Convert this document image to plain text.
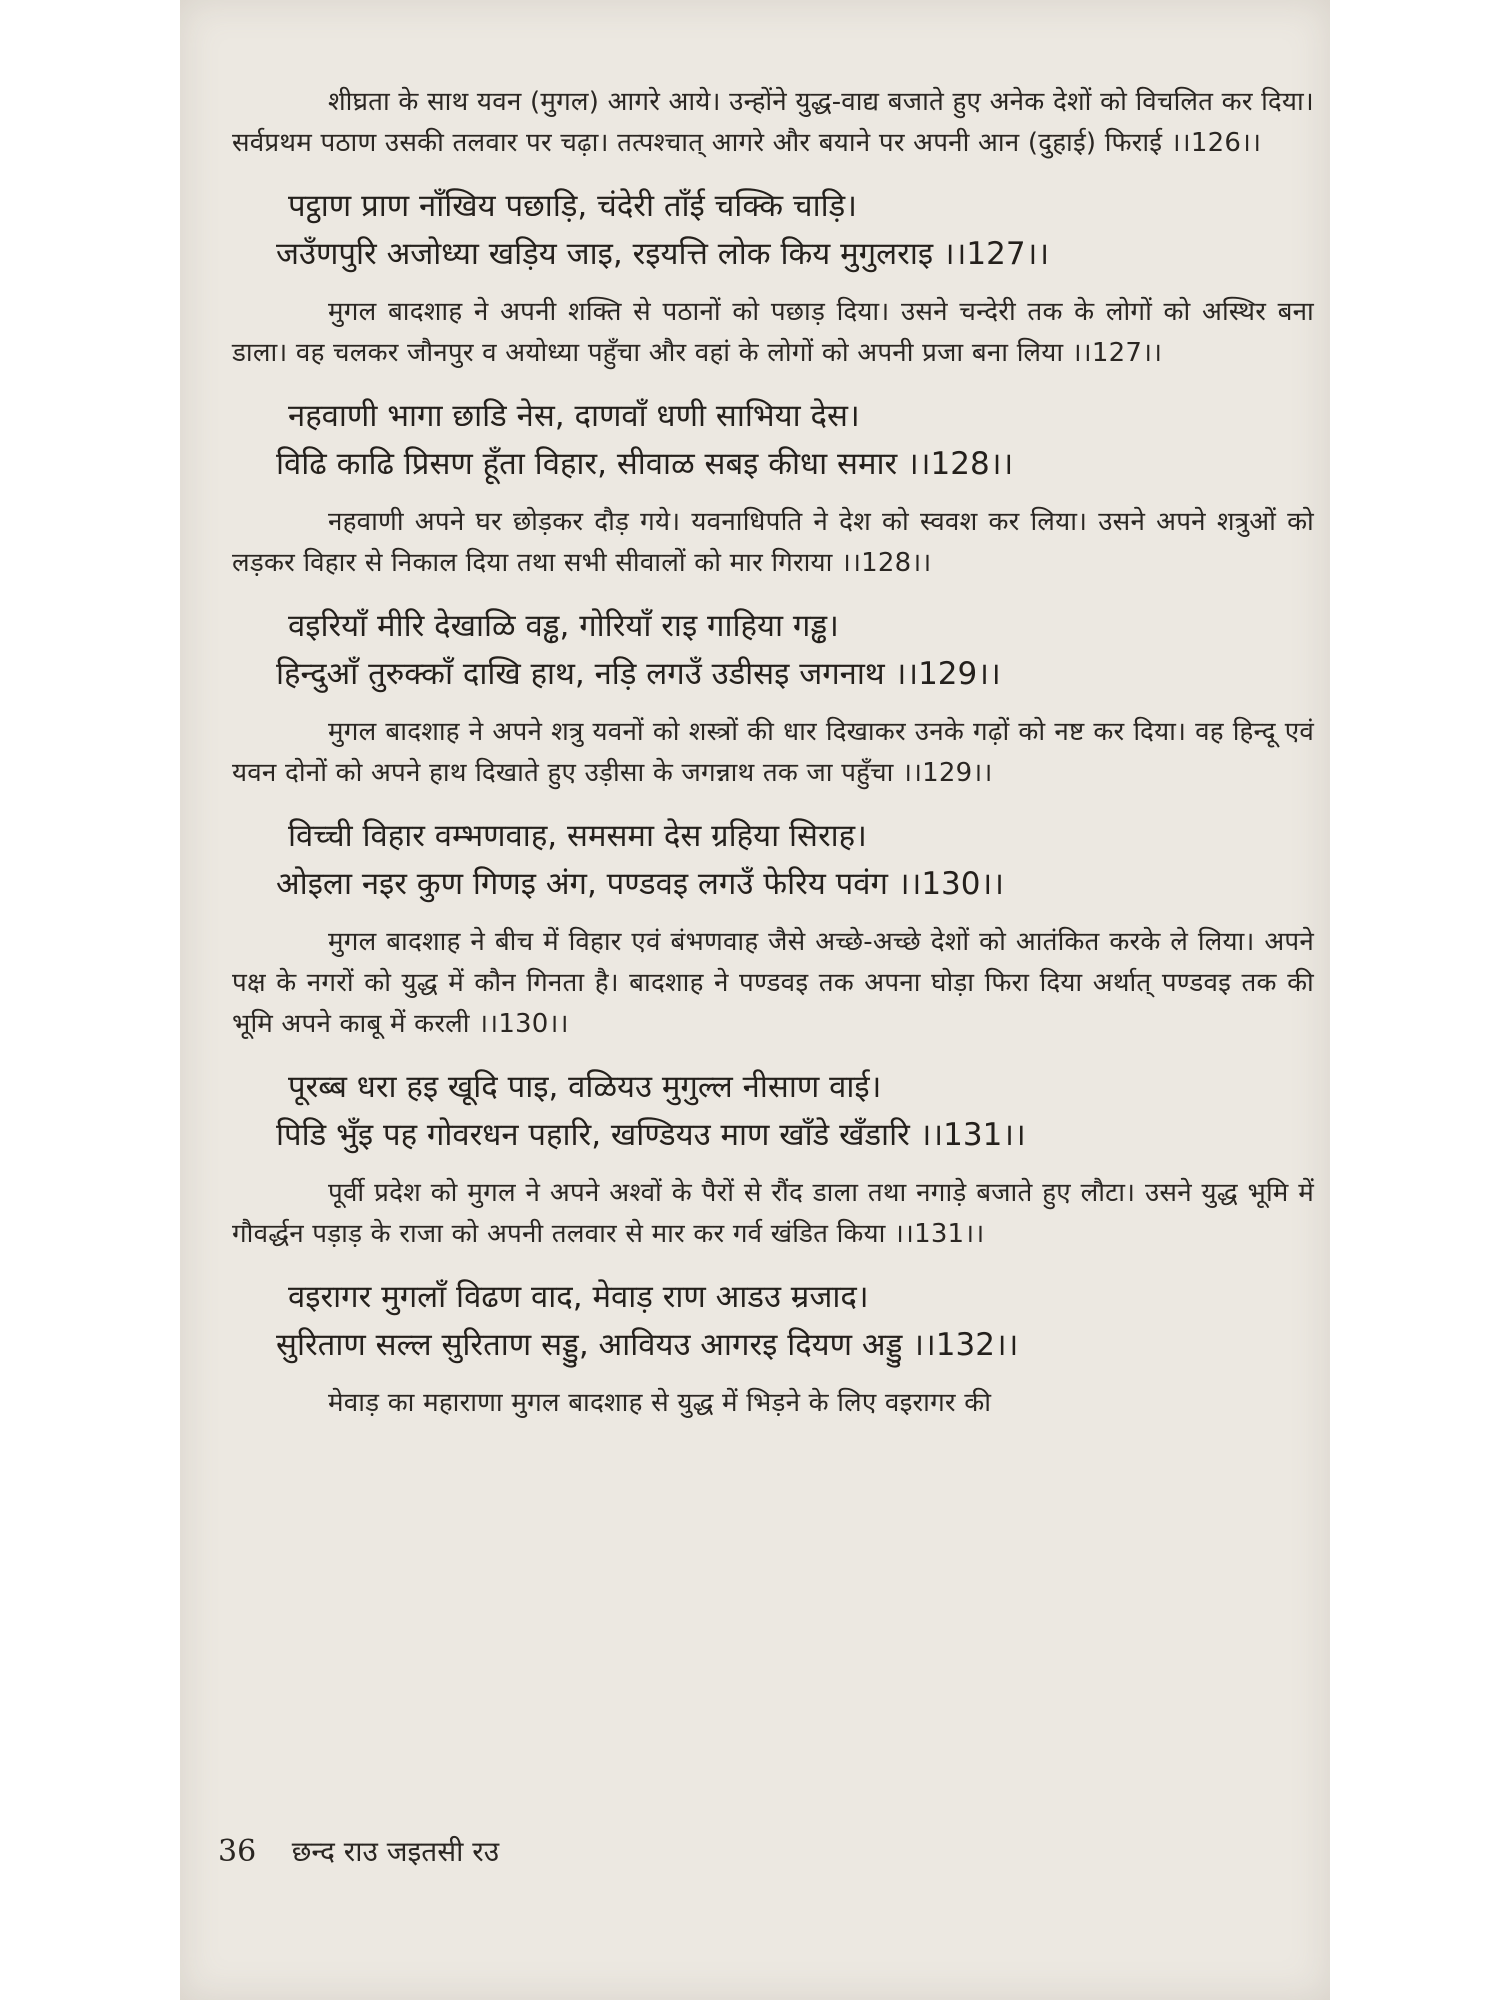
शीघ्रता के साथ यवन (मुगल) आगरे आये। उन्होंने युद्ध-वाद्य बजाते हुए अनेक देशों को विचलित कर दिया। सर्वप्रथम पठाण उसकी तलवार पर चढ़ा। तत्पश्चात् आगरे और बयाने पर अपनी आन (दुहाई) फिराई ।।126।।

पट्ठाण प्राण नाँखिय पछाड़ि, चंदेरी ताँई चक्कि चाड़ि।
जउँणपुरि अजोध्या खड़िय जाइ, रइयत्ति लोक किय मुगुलराइ ।।127।।

मुगल बादशाह ने अपनी शक्ति से पठानों को पछाड़ दिया। उसने चन्देरी तक के लोगों को अस्थिर बना डाला। वह चलकर जौनपुर व अयोध्या पहुँचा और वहां के लोगों को अपनी प्रजा बना लिया ।।127।।

नहवाणी भागा छाडि नेस, दाणवाँ धणी साभिया देस।
विढि काढि प्रिसण हूँता विहार, सीवाळ सबइ कीधा समार ।।128।।

नहवाणी अपने घर छोड़कर दौड़ गये। यवनाधिपति ने देश को स्ववश कर लिया। उसने अपने शत्रुओं को लड़कर विहार से निकाल दिया तथा सभी सीवालों को मार गिराया ।।128।।

वइरियाँ मीरि देखाळि वड्ढ, गोरियाँ राइ गाहिया गड्ढ।
हिन्दुआँ तुरुक्काँ दाखि हाथ, नड़ि लगउँ उडीसइ जगनाथ ।।129।।

मुगल बादशाह ने अपने शत्रु यवनों को शस्त्रों की धार दिखाकर उनके गढ़ों को नष्ट कर दिया। वह हिन्दू एवं यवन दोनों को अपने हाथ दिखाते हुए उड़ीसा के जगन्नाथ तक जा पहुँचा ।।129।।

विच्ची विहार वम्भणवाह, समसमा देस ग्रहिया सिराह।
ओइला नइर कुण गिणइ अंग, पण्डवइ लगउँ फेरिय पवंग ।।130।।

मुगल बादशाह ने बीच में विहार एवं बंभणवाह जैसे अच्छे-अच्छे देशों को आतंकित करके ले लिया। अपने पक्ष के नगरों को युद्ध में कौन गिनता है। बादशाह ने पण्डवइ तक अपना घोड़ा फिरा दिया अर्थात् पण्डवइ तक की भूमि अपने काबू में करली ।।130।।

पूरब्ब धरा हइ खूदि पाइ, वळियउ मुगुल्ल नीसाण वाई।
पिडि भुँइ पह गोवरधन पहारि, खण्डियउ माण खाँडे खँडारि ।।131।।

पूर्वी प्रदेश को मुगल ने अपने अश्वों के पैरों से रौंद डाला तथा नगाड़े बजाते हुए लौटा। उसने युद्ध भूमि में गौवर्द्धन पड़ाड़ के राजा को अपनी तलवार से मार कर गर्व खंडित किया ।।131।।

वइरागर मुगलाँ विढण वाद, मेवाड़ राण आडउ म्रजाद।
सुरिताण सल्ल सुरिताण सड्डु, आवियउ आगरइ दियण अड्डु ।।132।।

मेवाड़ का महाराणा मुगल बादशाह से युद्ध में भिड़ने के लिए वइरागर की

36 छन्द राउ जइतसी रउ
